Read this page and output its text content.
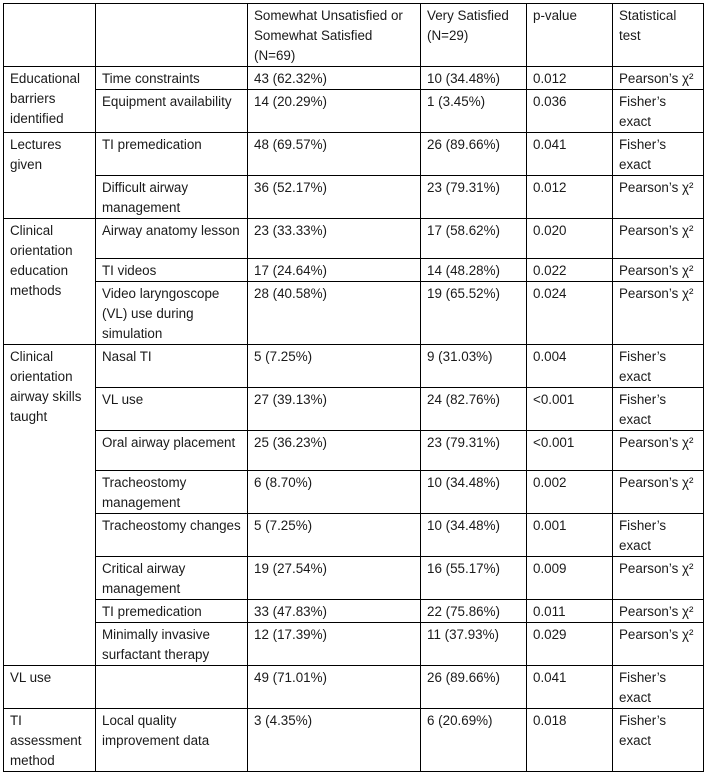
		Somewhat Unsatisfied or Somewhat Satisfied (N=69)	Very Satisfied (N=29)	p-value	Statistical test
Educational barriers identified	Time constraints	43 (62.32%)	10 (34.48%)	0.012	Pearson’s χ²
	Equipment availability	14 (20.29%)	1 (3.45%)	0.036	Fisher’s exact
Lectures given	TI premedication	48 (69.57%)	26 (89.66%)	0.041	Fisher’s exact
	Difficult airway management	36 (52.17%)	23 (79.31%)	0.012	Pearson’s χ²
Clinical orientation education methods	Airway anatomy lesson	23 (33.33%)	17 (58.62%)	0.020	Pearson’s χ²
	TI videos	17 (24.64%)	14 (48.28%)	0.022	Pearson’s χ²
	Video laryngoscope (VL) use during simulation	28 (40.58%)	19 (65.52%)	0.024	Pearson’s χ²
Clinical orientation airway skills taught	Nasal TI	5 (7.25%)	9 (31.03%)	0.004	Fisher’s exact
	VL use	27 (39.13%)	24 (82.76%)	<0.001	Fisher’s exact
	Oral airway placement	25 (36.23%)	23 (79.31%)	<0.001	Pearson’s χ²
	Tracheostomy management	6 (8.70%)	10 (34.48%)	0.002	Pearson’s χ²
	Tracheostomy changes	5 (7.25%)	10 (34.48%)	0.001	Fisher’s exact
	Critical airway management	19 (27.54%)	16 (55.17%)	0.009	Pearson’s χ²
	TI premedication	33 (47.83%)	22 (75.86%)	0.011	Pearson’s χ²
	Minimally invasive surfactant therapy	12 (17.39%)	11 (37.93%)	0.029	Pearson’s χ²
VL use		49 (71.01%)	26 (89.66%)	0.041	Fisher’s exact
TI assessment method	Local quality improvement data	3 (4.35%)	6 (20.69%)	0.018	Fisher’s exact
